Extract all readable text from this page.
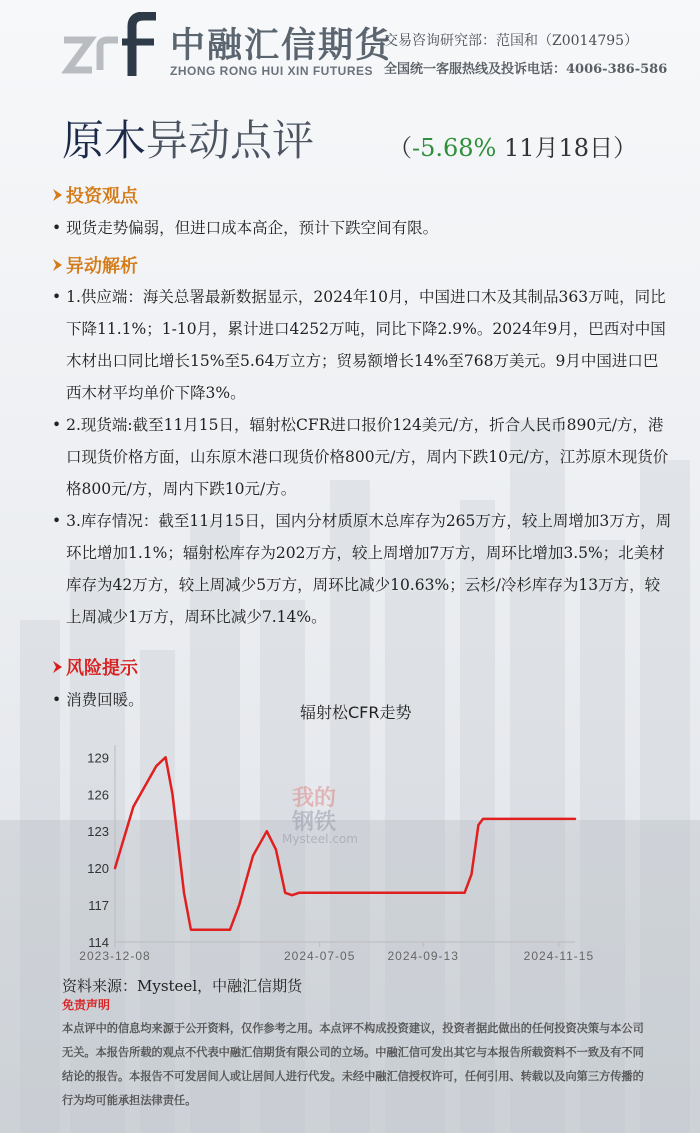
中融汇信期货
ZHONG RONG HUI XIN FUTURES
交易咨询研究部：范国和（Z0014795）
全国统一客服热线及投诉电话：4006-386-586
原木异动点评	（-5.68% 11月18日）
投资观点
• 现货走势偏弱，但进口成本高企，预计下跌空间有限。
异动解析
• 1.供应端：海关总署最新数据显示，2024年10月，中国进口木及其制品363万吨，同比下降11.1%；1-10月，累计进口4252万吨，同比下降2.9%。2024年9月，巴西对中国木材出口同比增长15%至5.64万立方；贸易额增长14%至768万美元。9月中国进口巴西木材平均单价下降3%。
• 2.现货端:截至11月15日，辐射松CFR进口报价124美元/方，折合人民币890元/方，港口现货价格方面，山东原木港口现货价格800元/方，周内下跌10元/方，江苏原木现货价格800元/方，周内下跌10元/方。
• 3.库存情况：截至11月15日，国内分材质原木总库存为265万方，较上周增加3万方，周环比增加1.1%；辐射松库存为202万方，较上周增加7万方，周环比增加3.5%；北美材库存为42万方，较上周减少5万方，周环比减少10.63%；云杉/冷杉库存为13万方，较上周减少1万方，周环比减少7.14%。
风险提示
• 消费回暖。
辐射松CFR走势
我的
钢铁
Mysteel.com
114
117
120
123
126
129
2023-12-08	2024-07-05	2024-09-13	2024-11-15
资料来源：Mysteel，中融汇信期货
免责声明
本点评中的信息均来源于公开资料，仅作参考之用。本点评不构成投资建议，投资者据此做出的任何投资决策与本公司无关。本报告所载的观点不代表中融汇信期货有限公司的立场。中融汇信可发出其它与本报告所载资料不一致及有不同结论的报告。本报告不可发居间人或让居间人进行代发。未经中融汇信授权许可，任何引用、转载以及向第三方传播的行为均可能承担法律责任。
